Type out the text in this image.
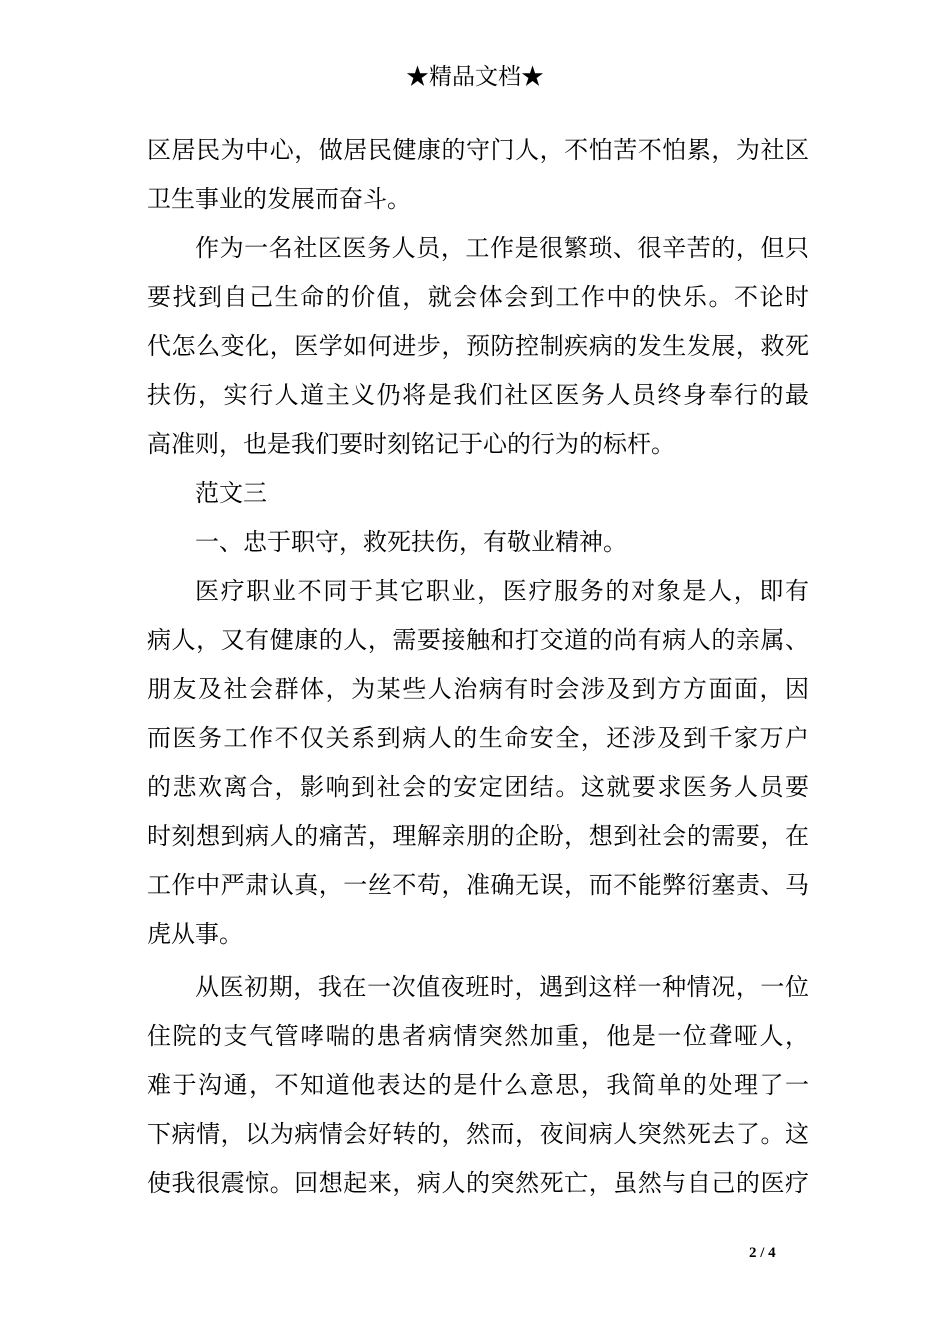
★精品文档★
区居民为中心，做居民健康的守门人，不怕苦不怕累，为社区
卫生事业的发展而奋斗。
作为一名社区医务人员，工作是很繁琐、很辛苦的，但只
要找到自己生命的价值，就会体会到工作中的快乐。不论时
代怎么变化，医学如何进步，预防控制疾病的发生发展，救死
扶伤，实行人道主义仍将是我们社区医务人员终身奉行的最
高准则，也是我们要时刻铭记于心的行为的标杆。
范文三
一、忠于职守，救死扶伤，有敬业精神。
医疗职业不同于其它职业，医疗服务的对象是人，即有
病人，又有健康的人，需要接触和打交道的尚有病人的亲属、
朋友及社会群体，为某些人治病有时会涉及到方方面面，因
而医务工作不仅关系到病人的生命安全，还涉及到千家万户
的悲欢离合，影响到社会的安定团结。这就要求医务人员要
时刻想到病人的痛苦，理解亲朋的企盼，想到社会的需要，在
工作中严肃认真，一丝不苟，准确无误，而不能弊衍塞责、马
虎从事。
从医初期，我在一次值夜班时，遇到这样一种情况，一位
住院的支气管哮喘的患者病情突然加重，他是一位聋哑人，
难于沟通，不知道他表达的是什么意思，我简单的处理了一
下病情，以为病情会好转的，然而，夜间病人突然死去了。这
使我很震惊。回想起来，病人的突然死亡，虽然与自己的医疗
2 / 4
